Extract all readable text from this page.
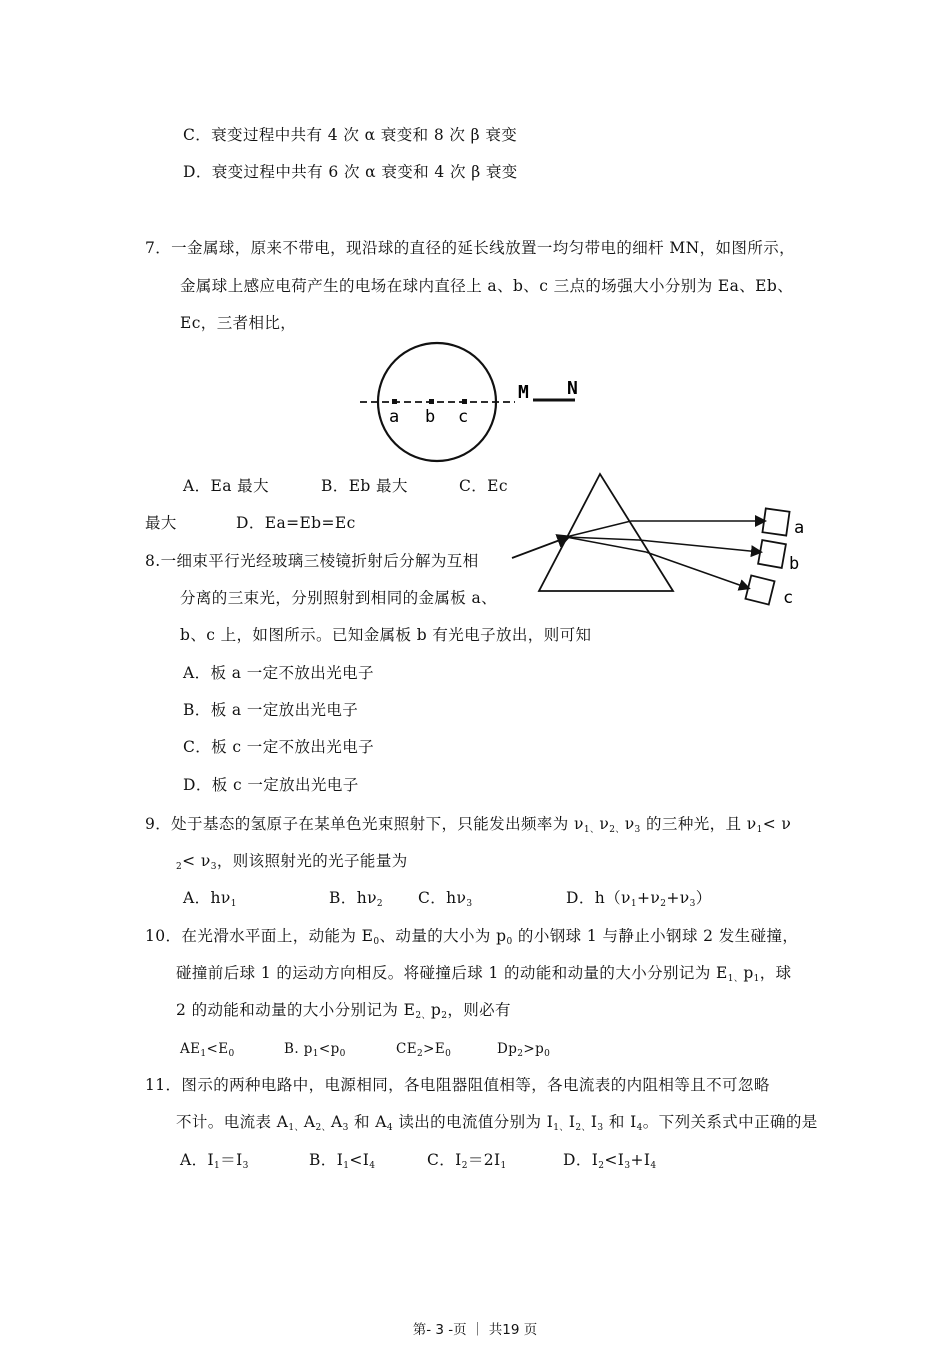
C．衰变过程中共有 4 次 α 衰变和 8 次 β 衰变
D．衰变过程中共有 6 次 α 衰变和 4 次 β 衰变
7．一金属球，原来不带电，现沿球的直径的延长线放置一均匀带电的细杆 MN，如图所示，
金属球上感应电荷产生的电场在球内直径上 a、b、c 三点的场强大小分别为 Ea、Eb、
Ec，三者相比，
a b c
M N
A．Ea 最大	B．Eb 最大	C．Ec
最大	D．Ea=Eb=Ec	a
b
c
8.一细束平行光经玻璃三棱镜折射后分解为互相
分离的三束光，分别照射到相同的金属板 a、
b、c 上，如图所示。已知金属板 b 有光电子放出，则可知
A．板 a 一定不放出光电子
B．板 a 一定放出光电子
C．板 c 一定不放出光电子
D．板 c 一定放出光电子
9．处于基态的氢原子在某单色光束照射下，只能发出频率为 $\nu_{1、}\nu_{2、}\nu_3$ 的三种光，且 $\nu_1< \nu$
$_2< \nu_3$，则该照射光的光子能量为
A．$h\nu_1$	B．$h\nu_2$ C．$h\nu_3$	D．$h(\nu_1+\nu_2+\nu_3)$
10．在光滑水平面上，动能为 $E_0$、动量的大小为 $p_0$ 的小钢球 1 与静止小钢球 2 发生碰撞，
碰撞前后球 1 的运动方向相反。将碰撞后球 1 的动能和动量的大小分别记为 $E_{1、}p_1$，球
2 的动能和动量的大小分别记为 $E_{2、}p_2$，则必有
$AE_1<E_0$	B. $p_1<p_0$	$CE_2>E_0$	$Dp_2>p_0$
11．图示的两种电路中，电源相同，各电阻器阻值相等，各电流表的内阻相等且不可忽略
不计。电流表 $A_{1、}A_{2、}A_3$ 和 $A_4$ 读出的电流值分别为 $I_{1、}I_{2、}I_3$ 和 $I_4$。下列关系式中正确的是
A．$I_1=I_3$	B．$I_1<I_4$	C．$I_2=2I_1$	D．$I_2<I_3+I_4$
第- 3 -页 ｜ 共19 页
